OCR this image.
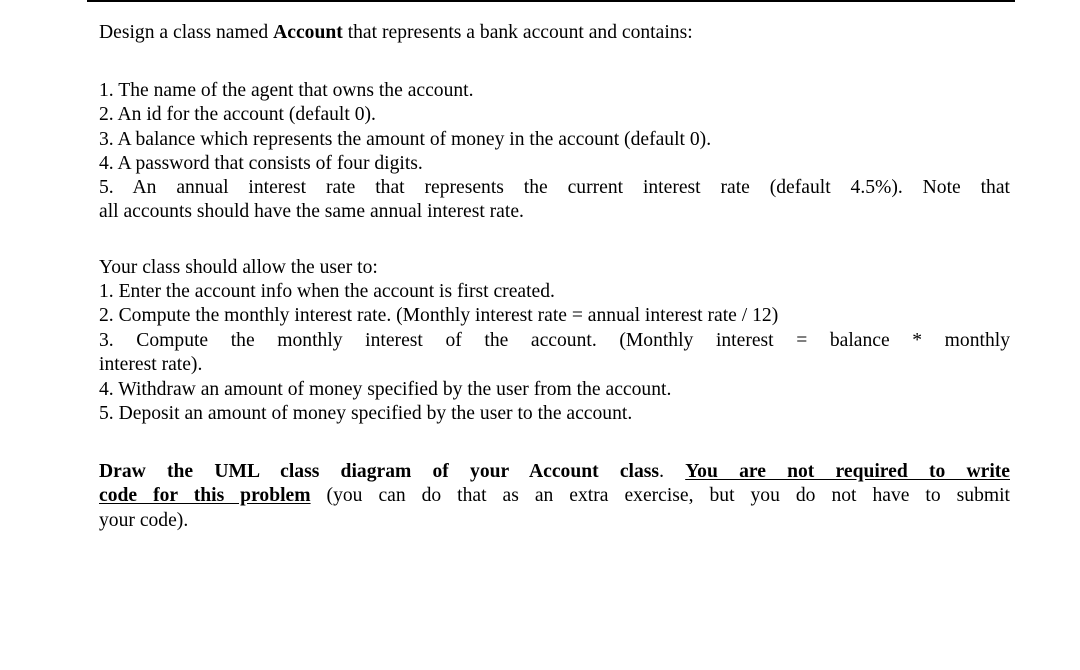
Design a class named Account that represents a bank account and contains:
1. The name of the agent that owns the account.
2. An id for the account (default 0).
3. A balance which represents the amount of money in the account (default 0).
4. A password that consists of four digits.
5. An annual interest rate that represents the current interest rate (default 4.5%). Note that
all accounts should have the same annual interest rate.
Your class should allow the user to:
1. Enter the account info when the account is first created.
2. Compute the monthly interest rate. (Monthly interest rate = annual interest rate / 12)
3. Compute the monthly interest of the account. (Monthly interest = balance * monthly
interest rate).
4. Withdraw an amount of money specified by the user from the account.
5. Deposit an amount of money specified by the user to the account.
Draw the UML class diagram of your Account class. You are not required to write
code for this problem (you can do that as an extra exercise, but you do not have to submit
your code).
